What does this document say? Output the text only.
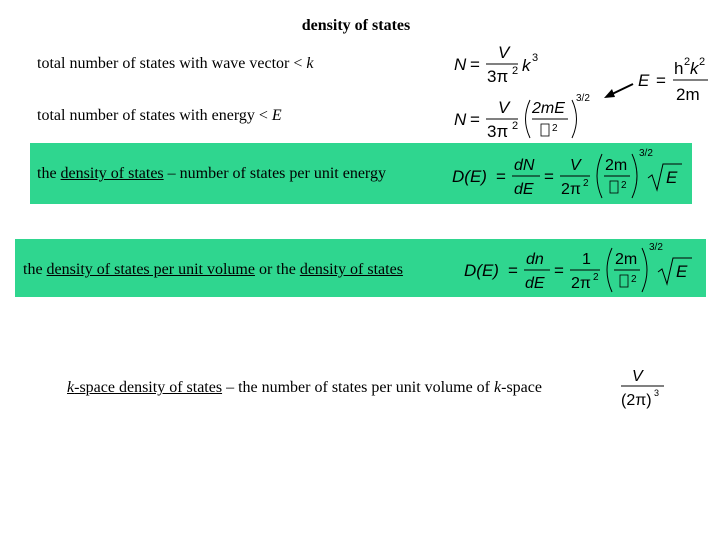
density of states
total number of states with wave vector < k
total number of states with energy < E
N =
V
3π 2 k 3
E =
h 2 k 2
2m
N =
V
3π 2
2mE
2
3/2
the density of states – number of states per unit energy	D(E) =
dN
dE
=
V
2π 2
2m
2
3/2
E
the density of states per unit volume or the density of states	D(E) =
dn
dE
=
1
2π 2
2m
2
3/2
E
k-space density of states – the number of states per unit volume of k-space
V
(2π) 3
